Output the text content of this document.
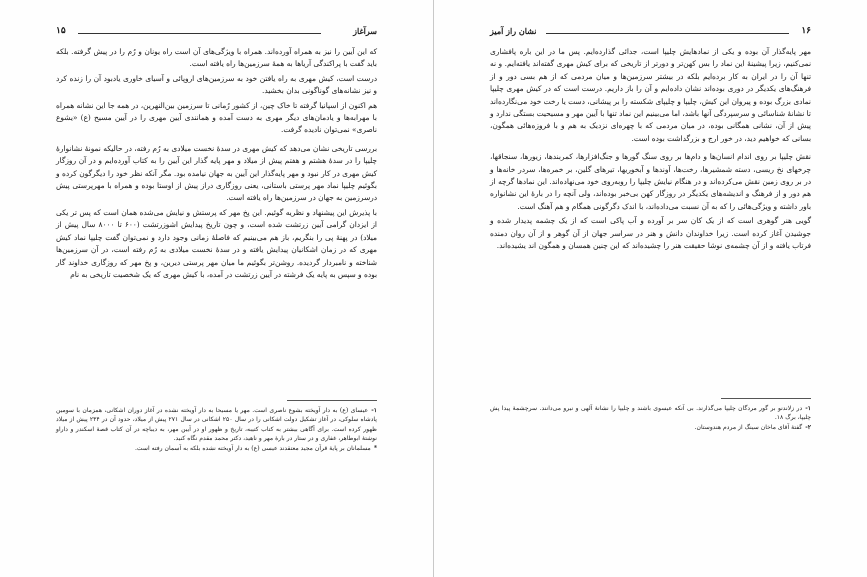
۱۵	سرآغاز

که این آیین را نیز به همراه آورده‌اند. همراه با ویژگی‌های آن است راه یونان و رُم را در پیش گرفته. بلکه باید گفت با پراکندگی آریاها به همهٔ سرزمین‌ها راه یافته است.

درست است، کیش مهری به راه یافتن خود به سرزمین‌های اروپائی و آسیای خاوری یادبود آن را زنده کرد و نیز نشانه‌های گوناگونی بدان بخشید.

هم اکنون از اسپانیا گرفته تا خاک چین، از کشور رُمانی تا سرزمین بین‌النهرین، در همه جا این نشانه همراه با مهرابه‌ها و یادمان‌های دیگر مهری به دست آمده و همانندی آیین مهری را در آیین مسیح (ع) «یشوع ناصری» نمی‌توان نادیده گرفت.

بررسی تاریخی نشان می‌دهد که کیش مهری در سدهٔ نخست میلادی به رُم رفته، در حالیکه نمونهٔ نشانوارهٔ چلیپا را در سدهٔ هشتم و هفتم پیش از میلاد و مهر پایه گذار این آیین را به کتاب آورده‌ایم و در آن روزگار کیش مهری در کار نبود و مهر پایه‌گذار این آیین به جهان نیامده بود. مگر آنکه نظر خود را دیگرگون کرده و بگوئیم چلیپا نماد مهر پرستی باستانی، یعنی روزگاری دراز پیش از اوستا بوده و همراه با مهرپرستی پیش درسرزمین به جهان در سرزمین‌ها راه یافته است.

با پذیرش این پیشنهاد و نظریه گوئیم. این پخ مهر که پرستش و نیایش می‌شده همان است که پس تر یکی از ایزدان گرامی آیین زرتشت شده است، و چون تاریخ پیدایش اشوزرتشت (۶۰۰ تا ۸۰۰۰ سال پیش از میلاد) در پهنهٔ پی را بنگریم، باز هم می‌بینیم که فاصلهٔ زمانی وجود دارد و نمی‌توان گفت چلیپا نماد کیش مهری که در زمان اشکانیان پیدایش یافته و در سدهٔ نخست میلادی به رُم رفته است، در آن سرزمین‌ها شناخته و نامبردار گردیده. روشن‌تر بگوئیم ما میان مهر پرستی دیرین، و پخ مهر که روزگاری خداوند گار بوده و سپس به پایه یک فرشته در آیین زرتشت در آمده، با کیش مهری که یک شخصیت تاریخی به نام

۱-عیسای (ع) به دار آویخته بشوع ناصری است. مهر یا مسیحا به دار آویخته نشده در آغاز دوران اشکانی، همزمان با سومین پادشاه سلوکی، در آغاز تشکیل دولت اشکانی را در سال ۲۵۰ اشکانی در سال ۲۷۱ پیش از میلاد، حدود آن در ۲۴۴ پیش از میلاد ظهور کرده است. برای آگاهی بیشتر به کتاب کتیبه، تاریخ و ظهور او در آیین مهر، به دیباچه در آن کتاب قصهٔ اسکندر و داراو نوشتهٔ ابوطاهر، غفاری و در ستار در بارهٔ مهر و ناهید، دکتر محمد مقدم نگاه کنید.

*مسلمانان بر پایهٔ قرآن مجید معتقدند عیسی (ع) به دار آویخته نشده بلکه به آسمان رفته است.

۱۶
نشان راز آمیز

مهر پایه‌گذار آن بوده و یکی از نمادهایش چلیپا است، جدائی گذارده‌ایم. پس ما در این باره پافشاری نمی‌کنیم، زیرا پیشینهٔ این نماد را بس کهن‌تر و دورتر از تاریخی که برای کیش مهری گفته‌اند یافته‌ایم. و نه تنها آن را در ایران به کار برده‌ایم بلکه در بیشتر سرزمین‌ها و میان مردمی که از هم بسی دور و از فرهنگ‌های یکدیگر در دوری بوده‌اند نشان داده‌ایم و آن را باز داریم. درست است که در کیش مهری چلیپا نمادی بزرگ بوده و پیروان این کیش، چلیپا و چلیپای شکسته را بر پیشانی، دست یا رخت خود می‌نگارده‌اند تا نشانهٔ شناسائی و سرسپردگی آنها باشد، اما می‌بینیم این نماد تنها با آیین مهر و مسیحیت بستگی ندارد و پیش از آن، نشانی همگانی بوده، در میان مردمی که با چهره‌ای نزدیک به هم و با فروزه‌هائی همگون، بسانی که خواهیم دید، در خور ارج و بزرگداشت بوده است.

نقش چلیپا بر روی اندام انسان‌ها و دام‌ها بر روی سنگ گورها و جنگ‌افزارها، کمربندها، زیورها، سنجاقها، چرخهای نخ ریسی، دسته شمشیرها، رخت‌ها، آوندها و آبخوریها، تیرهای گلین، بر خمره‌ها، سردر خانه‌ها و در بر روی زمین نقش می‌کرده‌اند و در هنگام نیایش چلیپا را روبه‌روی خود می‌نهاده‌اند. این نمادها گرچه از هم دور و از فرهنگ و اندیشه‌های یکدیگر در روزگار کهن بی‌خبر بوده‌اند، ولی آنچه را در بارهٔ این نشانواره باور داشته و ویژگی‌هائی را که به آن نسبت می‌داده‌اند، با اندک دگرگونی همگام و هم آهنگ است.

گویی هنر گوهری است که از یک کان سر بر آورده و آب پاکی است که از یک چشمه پدیدار شده و جوشیدن آغاز کرده است. زیرا خداوندان دانش و هنر در سراسر جهان از آن گوهر و از آن روان دمنده فرتاب یافته و از آن چشمه‌ی نوشا حقیقت هنر را چشیده‌اند که این چنین همسان و همگون اند یشیده‌اند.

۱-در زلاندنو بر گور مردگان چلیپا می‌گذارند. بی آنکه عیسوی باشند و چلیپا را نشانهٔ آلهی و نیرو می‌دانند. سرچشمهٔ پیدا پش چلیپا، برگ ۱۸.

۲-گفتهٔ آقای ماخان سینگ از مردم هندوستان.
